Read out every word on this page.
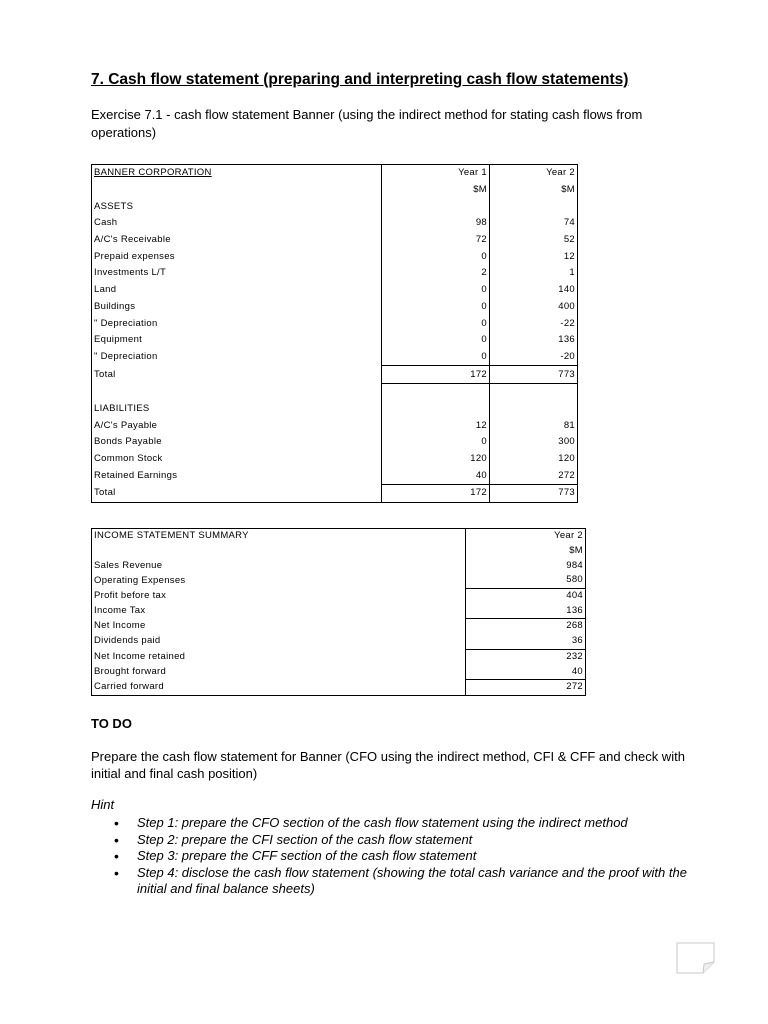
7. Cash flow statement (preparing and interpreting cash flow statements)
Exercise 7.1 - cash flow statement Banner (using the indirect method for stating cash flows from operations)
BANNER CORPORATION	Year 1	Year 2
	$M	$M
ASSETS		
Cash	98	74
A/C's Receivable	72	52
Prepaid expenses	0	12
Investments L/T	2	1
Land	0	140
Buildings	0	400
" Depreciation	0	-22
Equipment	0	136
" Depreciation	0	-20
Total	172	773

LIABILITIES		
A/C's Payable	12	81
Bonds Payable	0	300
Common Stock	120	120
Retained Earnings	40	272
Total	172	773
INCOME STATEMENT SUMMARY	Year 2
	$M
Sales Revenue	984
Operating Expenses	580
Profit before tax	404
Income Tax	136
Net Income	268
Dividends paid	36
Net Income retained	232
Brought forward	40
Carried forward	272
TO DO
Prepare the cash flow statement for Banner (CFO using the indirect method, CFI & CFF and check with initial and final cash position)
Hint
• Step 1: prepare the CFO section of the cash flow statement using the indirect method
• Step 2: prepare the CFI section of the cash flow statement
• Step 3: prepare the CFF section of the cash flow statement
• Step 4: disclose the cash flow statement (showing the total cash variance and the proof with the initial and final balance sheets)
